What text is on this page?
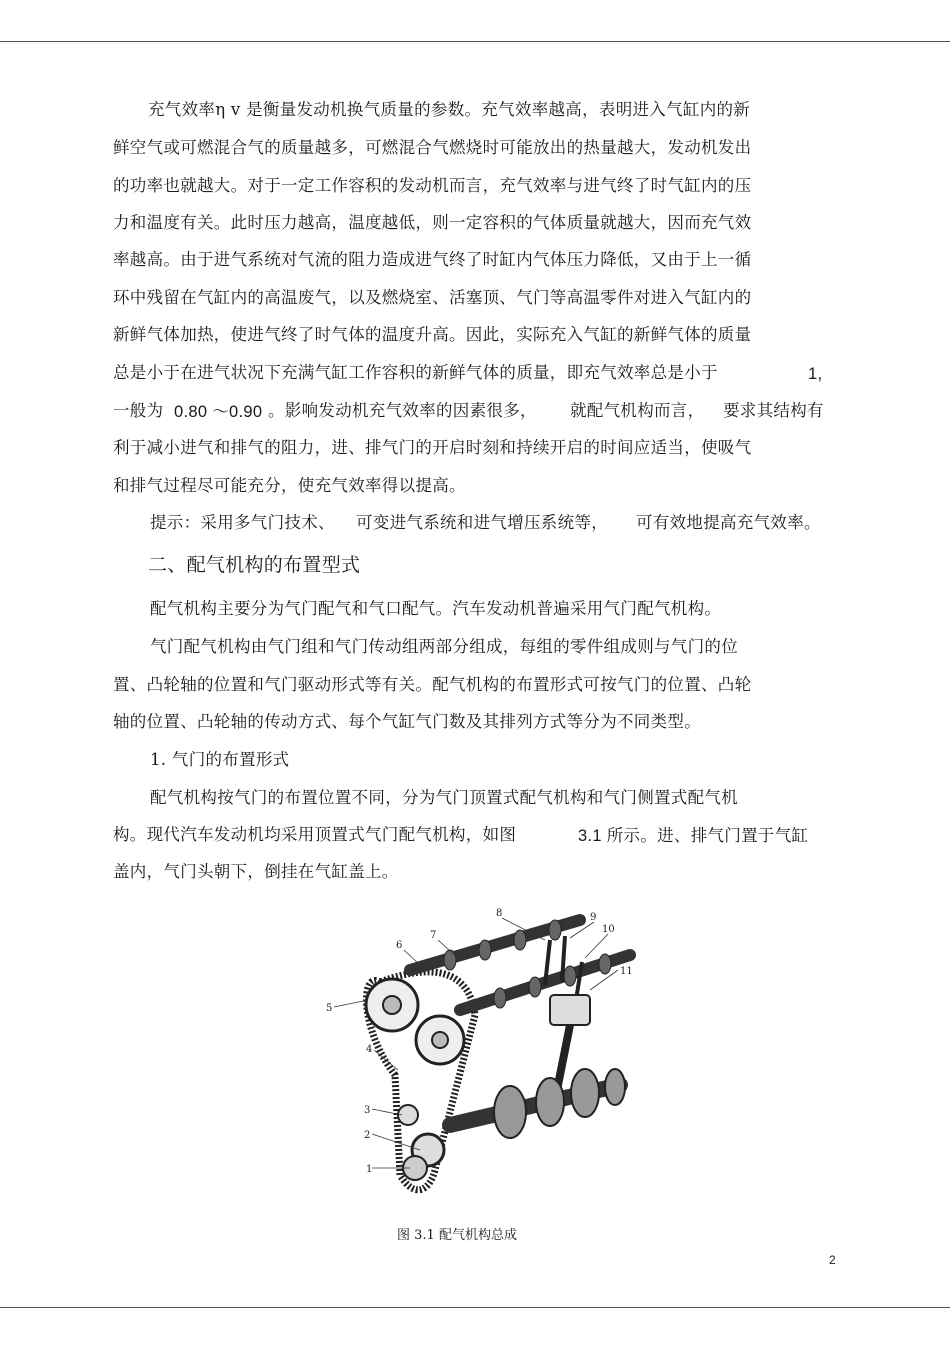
充气效率η v 是衡量发动机换气质量的参数。充气效率越高，表明进入气缸内的新
鲜空气或可燃混合气的质量越多，可燃混合气燃烧时可能放出的热量越大，发动机发出
的功率也就越大。对于一定工作容积的发动机而言，充气效率与进气终了时气缸内的压
力和温度有关。此时压力越高，温度越低，则一定容积的气体质量就越大，因而充气效
率越高。由于进气系统对气流的阻力造成进气终了时缸内气体压力降低，又由于上一循
环中残留在气缸内的高温废气，以及燃烧室、活塞顶、气门等高温零件对进入气缸内的
新鲜气体加热，使进气终了时气体的温度升高。因此，实际充入气缸的新鲜气体的质量
总是小于在进气状况下充满气缸工作容积的新鲜气体的质量，即充气效率总是小于	1,
一般为 0.80 ～0.90 。影响发动机充气效率的因素很多， 就配气机构而言， 要求其结构有
利于减小进气和排气的阻力，进、排气门的开启时刻和持续开启的时间应适当，使吸气
和排气过程尽可能充分，使充气效率得以提高。
提示：采用多气门技术、 可变进气系统和进气增压系统等， 可有效地提高充气效率。
二、配气机构的布置型式
配气机构主要分为气门配气和气口配气。汽车发动机普遍采用气门配气机构。
气门配气机构由气门组和气门传动组两部分组成，每组的零件组成则与气门的位
置、凸轮轴的位置和气门驱动形式等有关。配气机构的布置形式可按气门的位置、凸轮
轴的位置、凸轮轴的传动方式、每个气缸气门数及其排列方式等分为不同类型。
1. 气门的布置形式
配气机构按气门的布置位置不同，分为气门顶置式配气机构和气门侧置式配气机
构。现代汽车发动机均采用顶置式气门配气机构，如图	3.1 所示。进、排气门置于气缸
盖内，气门头朝下，倒挂在气缸盖上。
1
2
3
4
5
6
7
8	9
10
11
图 3.1 配气机构总成
2
